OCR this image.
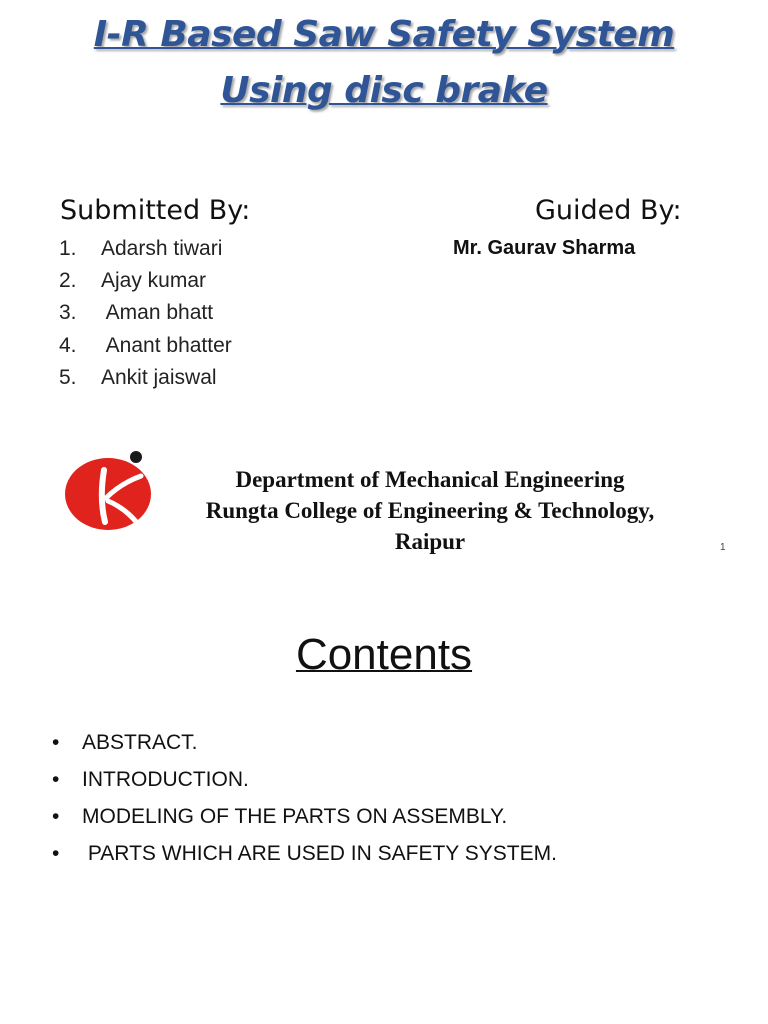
I-R Based Saw Safety System
Using disc brake
Submitted By:	Guided By:
1. Adarsh tiwari
2. Ajay kumar
3. Aman bhatt
4. Anant bhatter
5. Ankit jaiswal
Mr. Gaurav Sharma
Department of Mechanical Engineering
Rungta College of Engineering & Technology,
Raipur	1
Contents
• ABSTRACT.
• INTRODUCTION.
• MODELING OF THE PARTS ON ASSEMBLY.
• PARTS WHICH ARE USED IN SAFETY SYSTEM.
